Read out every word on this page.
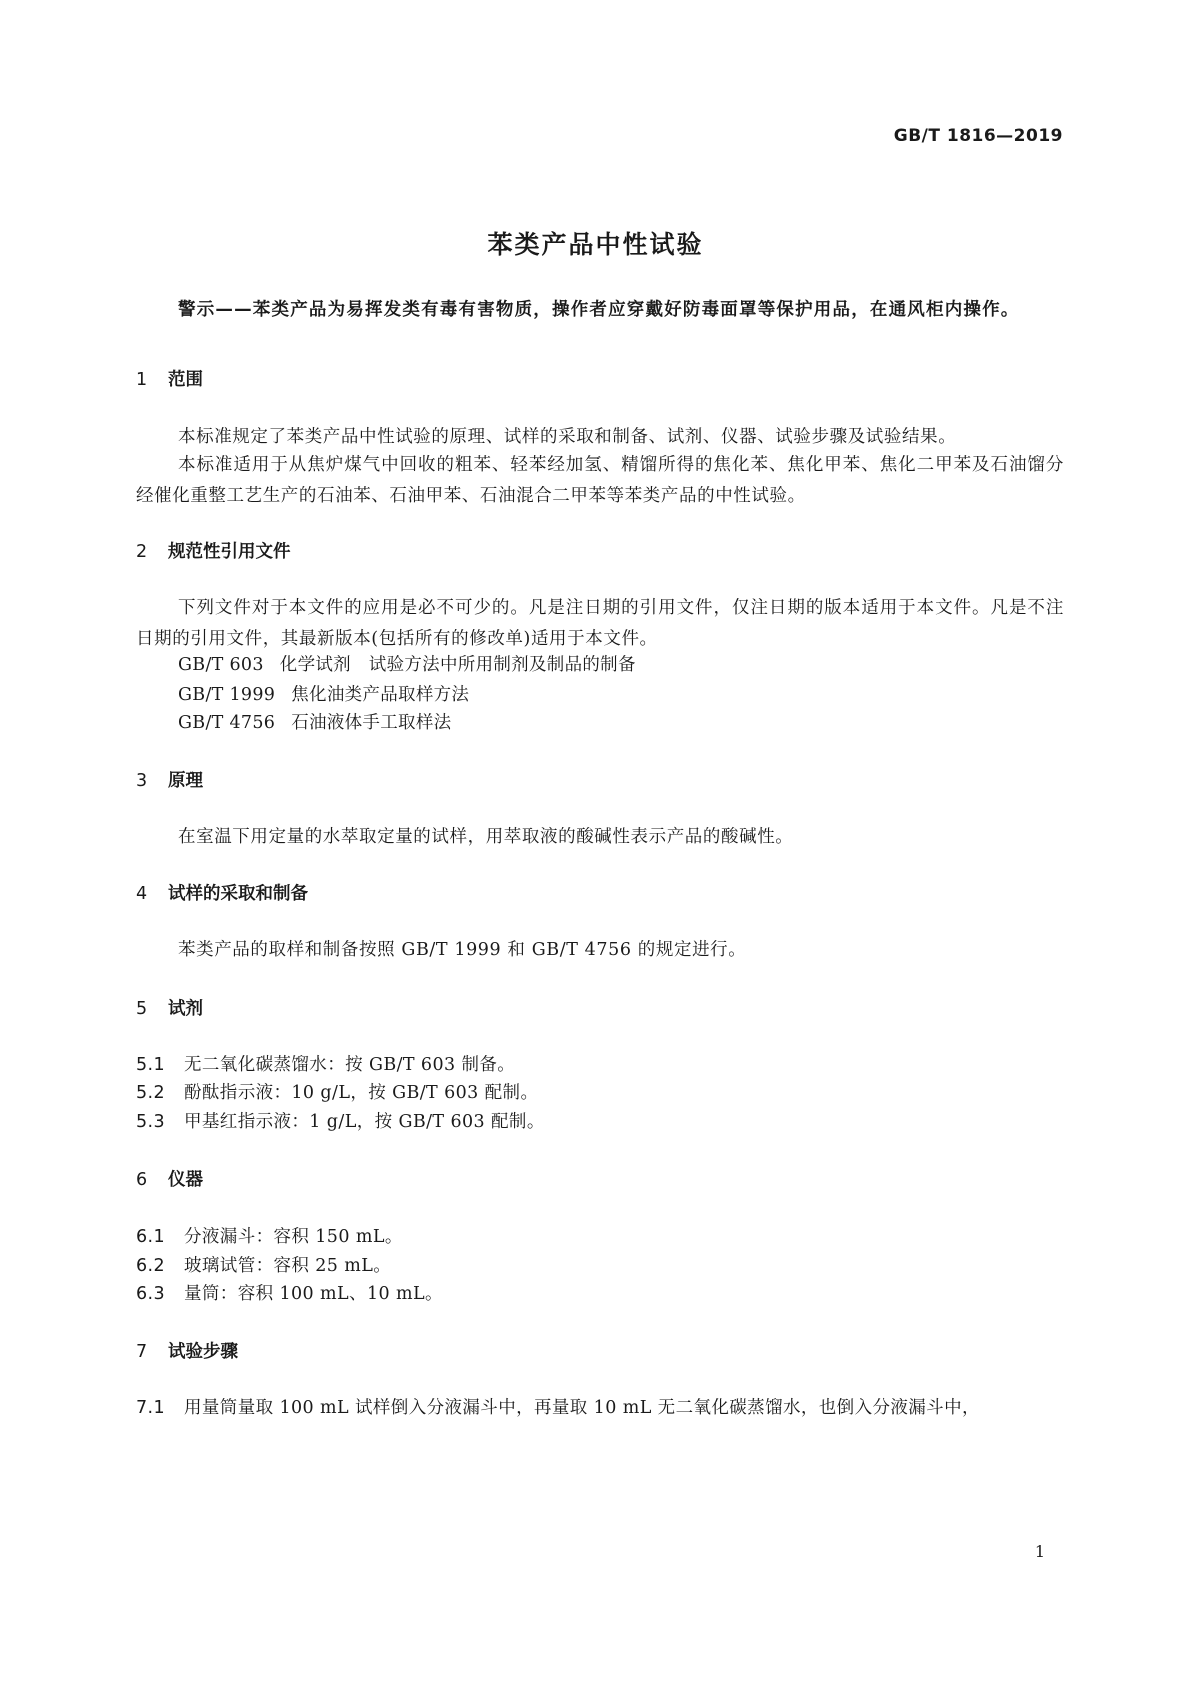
GB/T 1816—2019
苯类产品中性试验
警示——苯类产品为易挥发类有毒有害物质，操作者应穿戴好防毒面罩等保护用品，在通风柜内操作。
1 范围
本标准规定了苯类产品中性试验的原理、试样的采取和制备、试剂、仪器、试验步骤及试验结果。
本标准适用于从焦炉煤气中回收的粗苯、轻苯经加氢、精馏所得的焦化苯、焦化甲苯、焦化二甲苯及石油馏分经催化重整工艺生产的石油苯、石油甲苯、石油混合二甲苯等苯类产品的中性试验。
2 规范性引用文件
下列文件对于本文件的应用是必不可少的。凡是注日期的引用文件，仅注日期的版本适用于本文件。凡是不注日期的引用文件，其最新版本(包括所有的修改单)适用于本文件。
GB/T 603 化学试剂　试验方法中所用制剂及制品的制备
GB/T 1999 焦化油类产品取样方法
GB/T 4756 石油液体手工取样法
3 原理
在室温下用定量的水萃取定量的试样，用萃取液的酸碱性表示产品的酸碱性。
4 试样的采取和制备
苯类产品的取样和制备按照 GB/T 1999 和 GB/T 4756 的规定进行。
5 试剂
5.1 无二氧化碳蒸馏水：按 GB/T 603 制备。
5.2 酚酞指示液：10 g/L，按 GB/T 603 配制。
5.3 甲基红指示液：1 g/L，按 GB/T 603 配制。
6 仪器
6.1 分液漏斗：容积 150 mL。
6.2 玻璃试管：容积 25 mL。
6.3 量筒：容积 100 mL、10 mL。
7 试验步骤
7.1 用量筒量取 100 mL 试样倒入分液漏斗中，再量取 10 mL 无二氧化碳蒸馏水，也倒入分液漏斗中，
1
